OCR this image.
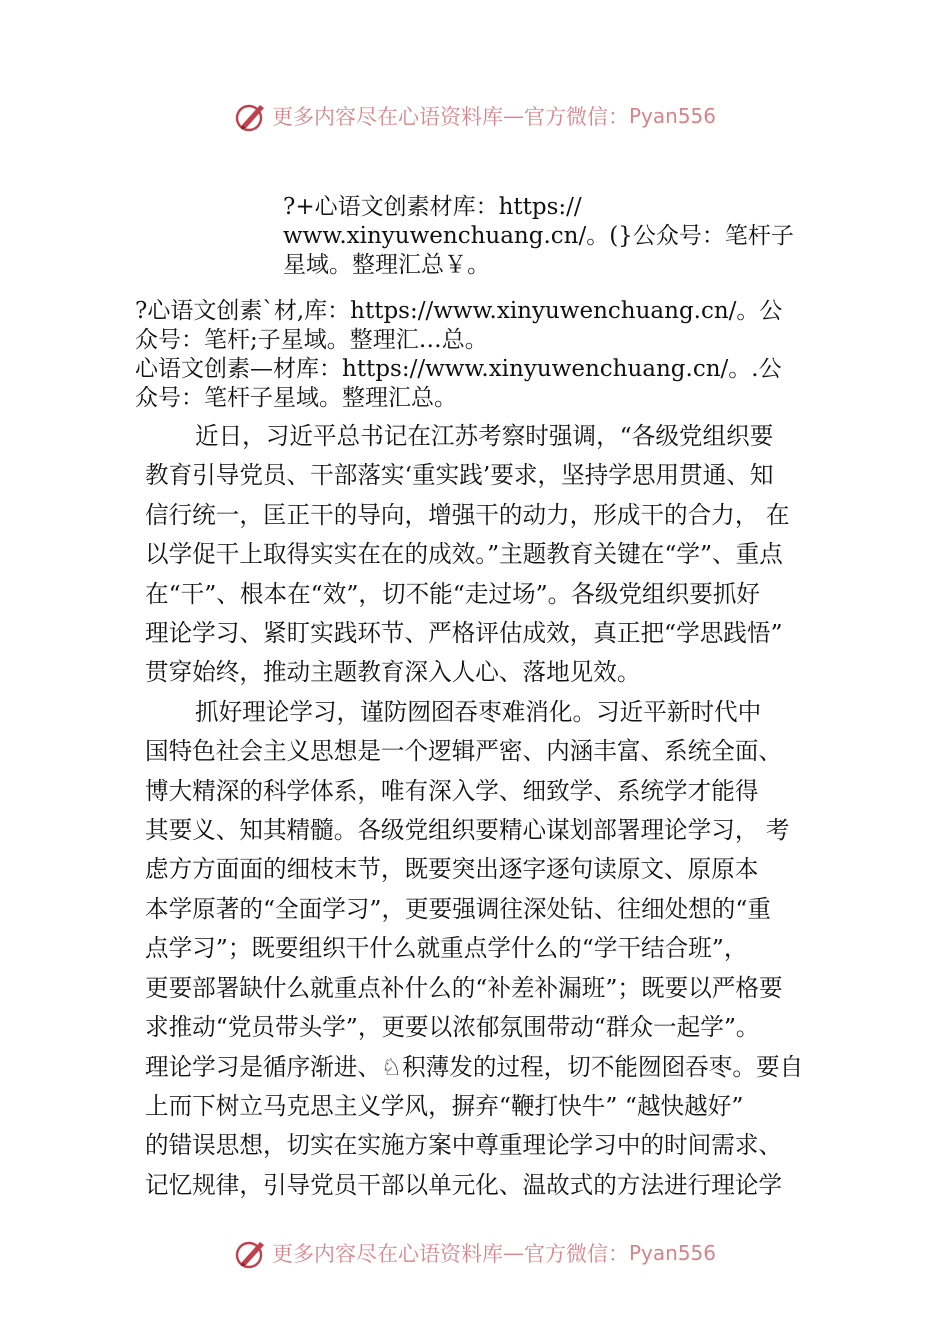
更多内容尽在心语资料库 — 官方微信： Pyan556
?+心语文创素材库：https://
www.xinyuwenchuang.cn/。(}公众号：笔杆子
星域。整理汇总￥。
?心语文创素`材,库：https://www.xinyuwenchuang.cn/。公
众号：笔杆;子星域。整理汇…总。
心语文创素—材库：https://www.xinyuwenchuang.cn/。.公
众号：笔杆子星域。整理汇总。
近日，习近平总书记在江苏考察时强调，“各级党组织要
教育引导党员、干部落实‘重实践’要求，坚持学思用贯通、知
信行统一，匡正干的导向，增强干的动力，形成干的合力， 在
以学促干上取得实实在在的成效。”主题教育关键在“学”、重点
在“干”、根本在“效”，切不能“走过场”。各级党组织要抓好
理论学习、紧盯实践环节、严格评估成效，真正把“学思践悟”
贯穿始终，推动主题教育深入人心、落地见效。
抓好理论学习，谨防囫囵吞枣难消化。习近平新时代中
国特色社会主义思想是一个逻辑严密、内涵丰富、系统全面、
博大精深的科学体系，唯有深入学、细致学、系统学才能得
其要义、知其精髓。各级党组织要精心谋划部署理论学习， 考
虑方方面面的细枝末节，既要突出逐字逐句读原文、原原本
本学原著的“全面学习”，更要强调往深处钻、往细处想的“重
点学习”；既要组织干什么就重点学什么的“学干结合班”，
更要部署缺什么就重点补什么的“补差补漏班”；既要以严格要
求推动“党员带头学”，更要以浓郁氛围带动“群众一起学”。
理论学习是循序渐进、♘积薄发的过程，切不能囫囵吞枣。要自
上而下树立马克思主义学风，摒弃“鞭打快牛” “越快越好”
的错误思想，切实在实施方案中尊重理论学习中的时间需求、
记忆规律，引导党员干部以单元化、温故式的方法进行理论学
更多内容尽在心语资料库 — 官方微信： Pyan556
